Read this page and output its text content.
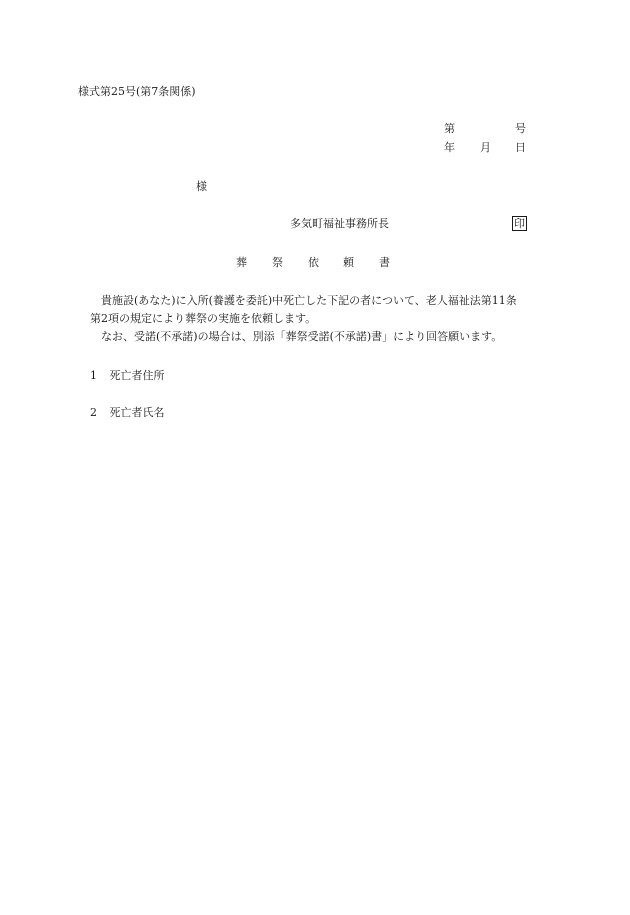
様式第25号(第7条関係)
第	号
年 月 日
様
多気町福祉事務所長	印
葬 祭 依 頼 書
貴施設(あなた)に入所(養護を委託)中死亡した下記の者について、老人福祉法第11条
第2項の規定により葬祭の実施を依頼します。
なお、受諾(不承諾)の場合は、別添「葬祭受諾(不承諾)書」により回答願います。
1 死亡者住所
2 死亡者氏名
